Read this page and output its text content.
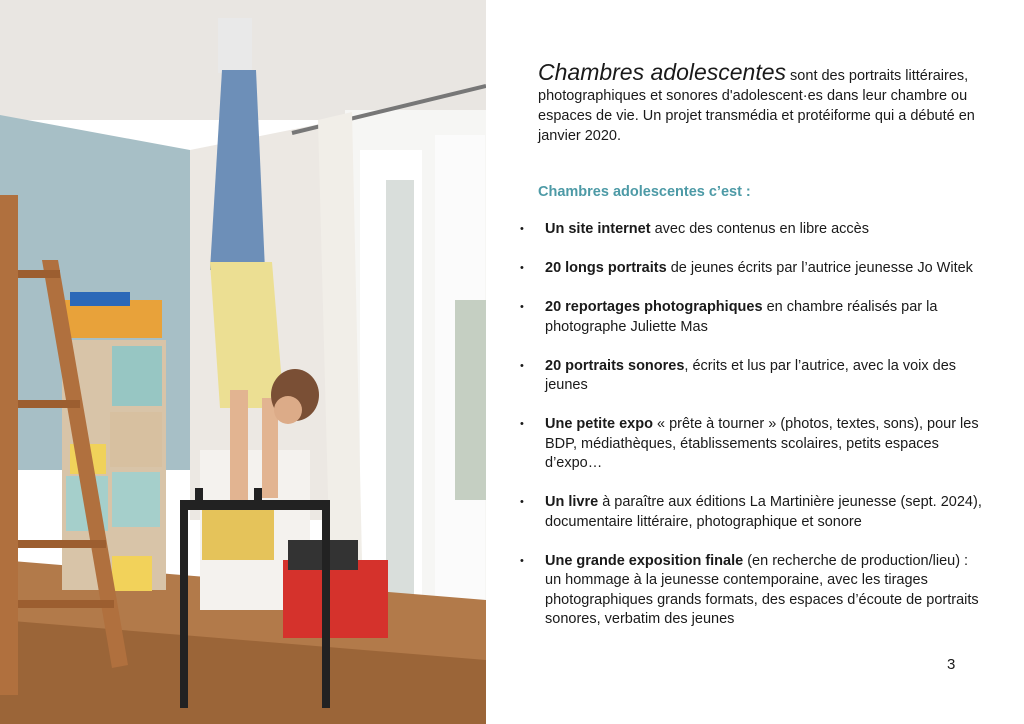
Chambres adolescentes sont des portraits littéraires, photographiques et sonores d'adolescent·es dans leur chambre ou espaces de vie. Un projet transmédia et protéiforme qui a débuté en janvier 2020.

Chambres adolescentes c’est :

• Un site internet avec des contenus en libre accès
• 20 longs portraits de jeunes écrits par l’autrice jeunesse Jo Witek
• 20 reportages photographiques en chambre réalisés par la photographe Juliette Mas
• 20 portraits sonores, écrits et lus par l’autrice, avec la voix des jeunes
• Une petite expo « prête à tourner » (photos, textes, sons), pour les BDP, médiathèques, établissements scolaires, petits espaces d’expo…
• Un livre à paraître aux éditions La Martinière jeunesse (sept. 2024), documentaire littéraire, photographique et sonore
• Une grande exposition finale (en recherche de production/lieu) : un hommage à la jeunesse contemporaine, avec les tirages photographiques grands formats, des espaces d’écoute de portraits sonores, verbatim des jeunes
3
